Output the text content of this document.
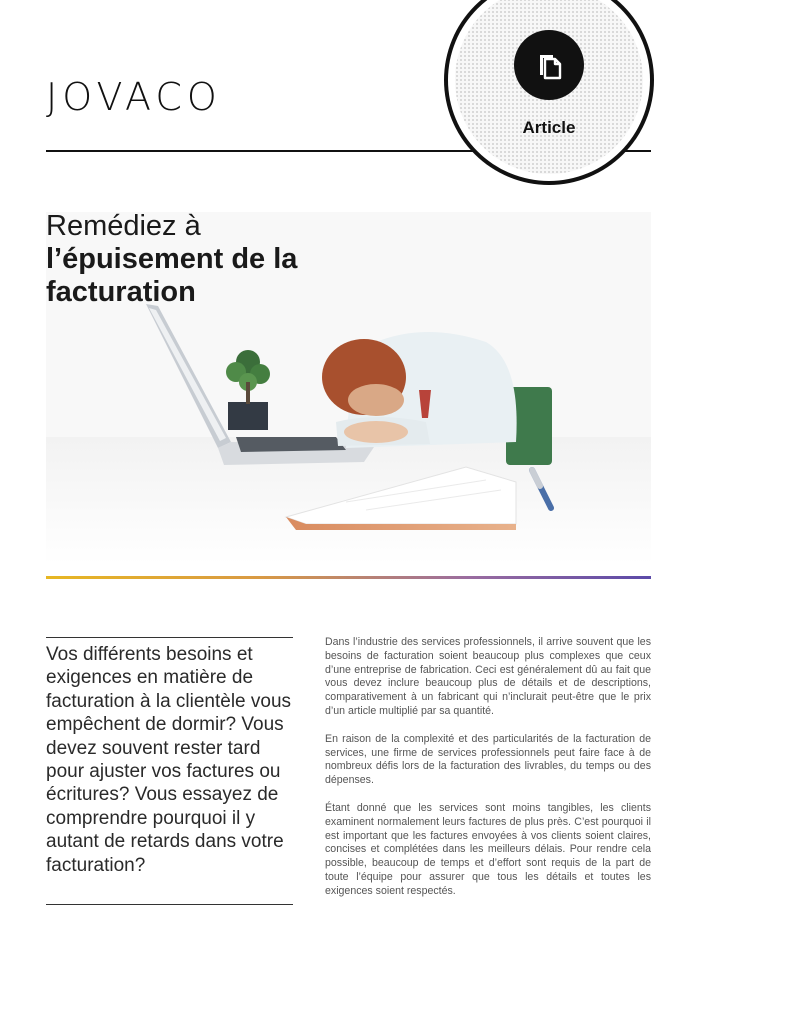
JOVACO
Article
Remédiez à
l’épuisement de la facturation

Vos différents besoins et exigences en matière de facturation à la clientèle vous empêchent de dormir? Vous devez souvent rester tard pour ajuster vos factures ou écritures? Vous essayez de comprendre pourquoi il y autant de retards dans votre facturation?

Dans l’industrie des services professionnels, il arrive souvent que les besoins de facturation soient beaucoup plus complexes que ceux d’une entreprise de fabrication. Ceci est généralement dû au fait que vous devez inclure beaucoup plus de détails et de descriptions, comparativement à un fabricant qui n’inclurait peut-être que le prix d’un article multiplié par sa quantité.

En raison de la complexité et des particularités de la facturation de services, une firme de services professionnels peut faire face à de nombreux défis lors de la facturation des livrables, du temps ou des dépenses.

Étant donné que les services sont moins tangibles, les clients examinent normalement leurs factures de plus près. C’est pourquoi il est important que les factures envoyées à vos clients soient claires, concises et complétées dans les meilleurs délais. Pour rendre cela possible, beaucoup de temps et d’effort sont requis de la part de toute l’équipe pour assurer que tous les détails et toutes les exigences soient respectés.
